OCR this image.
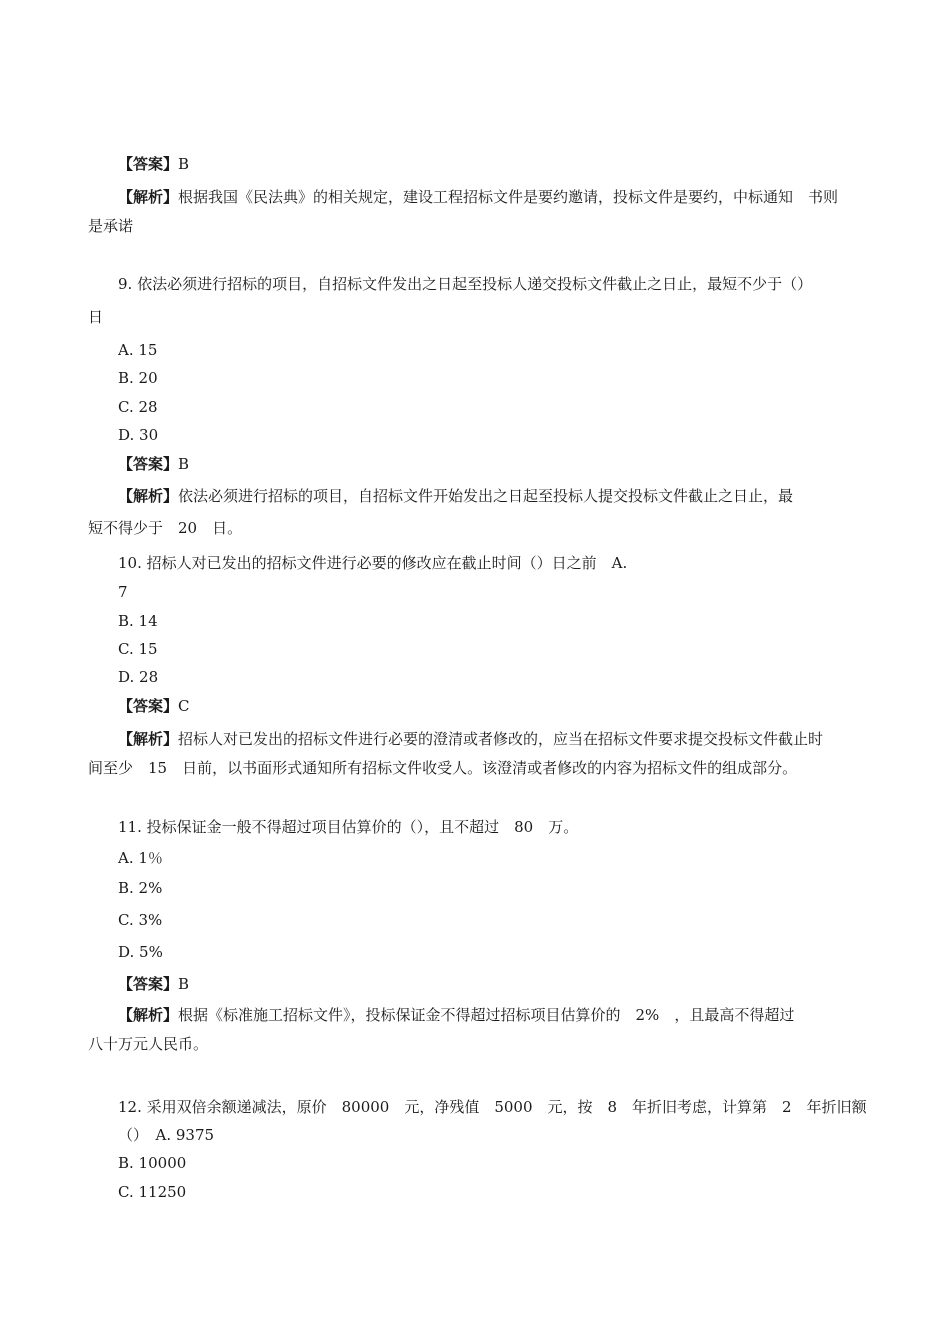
【答案】B
【解析】根据我国《民法典》的相关规定，建设工程招标文件是要约邀请，投标文件是要约，中标通知　书则
是承诺
9. 依法必须进行招标的项目，自招标文件发出之日起至投标人递交投标文件截止之日止，最短不少于（）
日
A. 15
B. 20
C. 28
D. 30
【答案】B
【解析】依法必须进行招标的项目，自招标文件开始发出之日起至投标人提交投标文件截止之日止，最
短不得少于　20　日。
10. 招标人对已发出的招标文件进行必要的修改应在截止时间（）日之前　A.
7
B. 14
C. 15
D. 28
【答案】C
【解析】招标人对已发出的招标文件进行必要的澄清或者修改的，应当在招标文件要求提交投标文件截止时
间至少　15　日前，以书面形式通知所有招标文件收受人。该澄清或者修改的内容为招标文件的组成部分。
11. 投标保证金一般不得超过项目估算价的（），且不超过　80　万。
A. 1％
B. 2%
C. 3%
D. 5%
【答案】B
【解析】根据《标准施工招标文件》，投标保证金不得超过招标项目估算价的　2%　，且最高不得超过
八十万元人民币。
12. 采用双倍余额递减法，原价　80000　元，净残值　5000　元，按　8　年折旧考虑，计算第　2　年折旧额
（）　A. 9375
B. 10000
C. 11250
